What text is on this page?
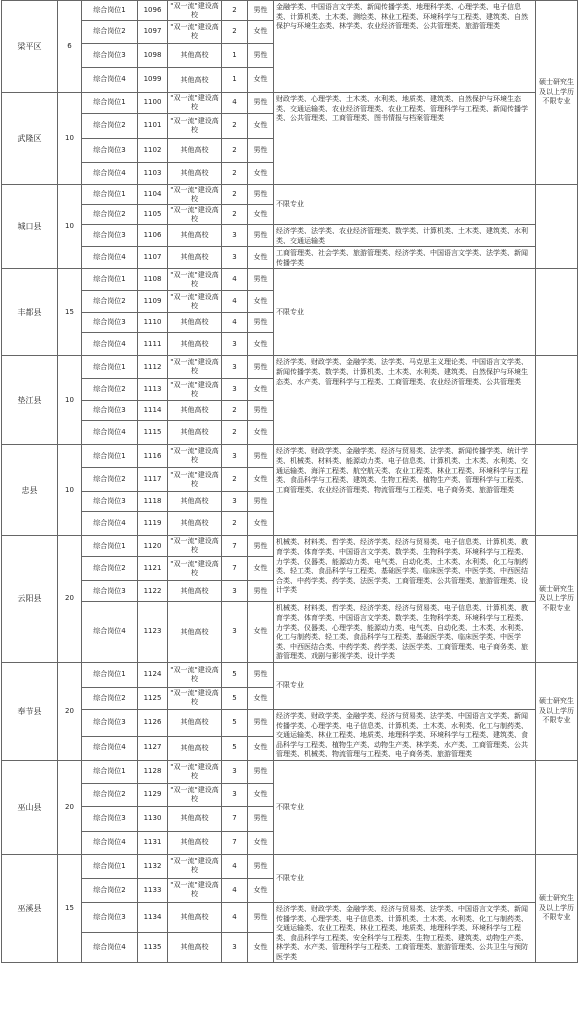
梁平区	6	综合岗位1	1096	"双一流"建设高校	2	男性	金融学类、中国语言文学类、新闻传播学类、地理科学类、心理学类、电子信息类、计算机类、土木类、测绘类、林业工程类、环境科学与工程类、建筑类、自然保护与环境生态类、林学类、农业经济管理类、公共管理类、旅游管理类	硕士研究生及以上学历不限专业
		综合岗位2	1097	"双一流"建设高校	2	女性		
		综合岗位3	1098	其他高校	1	男性		
		综合岗位4	1099	其他高校	1	女性		
武隆区	10	综合岗位1	1100	"双一流"建设高校	4	男性	财政学类、心理学类、土木类、水利类、地质类、建筑类、自然保护与环境生态类、交通运输类、农业经济管理类、农业工程类、管理科学与工程类、新闻传播学类、公共管理类、工商管理类、图书情报与档案管理类	
		综合岗位2	1101	"双一流"建设高校	2	女性		
		综合岗位3	1102	其他高校	2	男性		
		综合岗位4	1103	其他高校	2	女性		
城口县	10	综合岗位1	1104	"双一流"建设高校	2	男性	不限专业	
		综合岗位2	1105	"双一流"建设高校	2	女性		
		综合岗位3	1106	其他高校	3	男性	经济学类、法学类、农业经济管理类、数学类、计算机类、土木类、建筑类、水利类、交通运输类	
		综合岗位4	1107	其他高校	3	女性	工商管理类、社会学类、旅游管理类、经济学类、中国语言文学类、法学类、新闻传播学类	
丰都县	15	综合岗位1	1108	"双一流"建设高校	4	男性	不限专业	
		综合岗位2	1109	"双一流"建设高校	4	女性		
		综合岗位3	1110	其他高校	4	男性		
		综合岗位4	1111	其他高校	3	女性		
垫江县	10	综合岗位1	1112	"双一流"建设高校	3	男性	经济学类、财政学类、金融学类、法学类、马克思主义理论类、中国语言文学类、新闻传播学类、数学类、计算机类、土木类、水利类、建筑类、自然保护与环境生态类、水产类、管理科学与工程类、工商管理类、农业经济管理类、公共管理类	
		综合岗位2	1113	"双一流"建设高校	3	女性		
		综合岗位3	1114	其他高校	2	男性		
		综合岗位4	1115	其他高校	2	女性		
忠县	10	综合岗位1	1116	"双一流"建设高校	3	男性	经济学类、财政学类、金融学类、经济与贸易类、法学类、新闻传播学类、统计学类、机械类、材料类、能源动力类、电子信息类、计算机类、土木类、水利类、交通运输类、海洋工程类、航空航天类、农业工程类、林业工程类、环境科学与工程类、食品科学与工程类、建筑类、生物工程类、植物生产类、管理科学与工程类、工商管理类、农业经济管理类、物流管理与工程类、电子商务类、旅游管理类	
		综合岗位2	1117	"双一流"建设高校	2	女性		
		综合岗位3	1118	其他高校	3	男性		
		综合岗位4	1119	其他高校	2	女性		
云阳县	20	综合岗位1	1120	"双一流"建设高校	7	男性	机械类、材料类、哲学类、经济学类、经济与贸易类、电子信息类、计算机类、教育学类、体育学类、中国语言文学类、数学类、生物科学类、环境科学与工程类、力学类、仪器类、能源动力类、电气类、自动化类、土木类、水利类、化工与制药类、轻工类、食品科学与工程类、基础医学类、临床医学类、中医学类、中西医结合类、中药学类、药学类、法医学类、工商管理类、公共管理类、旅游管理类、设计学类	硕士研究生及以上学历不限专业
		综合岗位2	1121	"双一流"建设高校	7	女性		
		综合岗位3	1122	其他高校	3	男性		
		综合岗位4	1123	其他高校	3	女性	机械类、材料类、哲学类、经济学类、经济与贸易类、电子信息类、计算机类、教育学类、体育学类、中国语言文学类、数学类、生物科学类、环境科学与工程类、力学类、仪器类、心理学类、能源动力类、电气类、自动化类、土木类、水利类、化工与制药类、轻工类、食品科学与工程类、基础医学类、临床医学类、中医学类、中西医结合类、中药学类、药学类、法医学类、工商管理类、电子商务类、旅游管理类、戏剧与影视学类、设计学类	
奉节县	20	综合岗位1	1124	"双一流"建设高校	5	男性	不限专业	硕士研究生及以上学历不限专业
		综合岗位2	1125	"双一流"建设高校	5	女性		
		综合岗位3	1126	其他高校	5	男性	经济学类、财政学类、金融学类、经济与贸易类、法学类、中国语言文学类、新闻传播学类、心理学类、电子信息类、计算机类、土木类、水利类、化工与制药类、交通运输类、林业工程类、地质类、地理科学类、环境科学与工程类、建筑类、食品科学与工程类、植物生产类、动物生产类、林学类、水产类、工商管理类、公共管理类、机械类、物流管理与工程类、电子商务类、旅游管理类	
		综合岗位4	1127	其他高校	5	女性		
巫山县	20	综合岗位1	1128	"双一流"建设高校	3	男性	不限专业	
		综合岗位2	1129	"双一流"建设高校	3	女性		
		综合岗位3	1130	其他高校	7	男性		
		综合岗位4	1131	其他高校	7	女性		
巫溪县	15	综合岗位1	1132	"双一流"建设高校	4	男性	不限专业	硕士研究生及以上学历不限专业
		综合岗位2	1133	"双一流"建设高校	4	女性		
		综合岗位3	1134	其他高校	4	男性	经济学类、财政学类、金融学类、经济与贸易类、法学类、中国语言文学类、新闻传播学类、心理学类、电子信息类、计算机类、土木类、水利类、化工与制药类、交通运输类、农业工程类、林业工程类、地质类、地理科学类、环境科学与工程类、食品科学与工程类、安全科学与工程类、生物工程类、建筑类、动物生产类、林学类、水产类、管理科学与工程类、工商管理类、旅游管理类、公共卫生与预防医学类	
		综合岗位4	1135	其他高校	3	女性		
